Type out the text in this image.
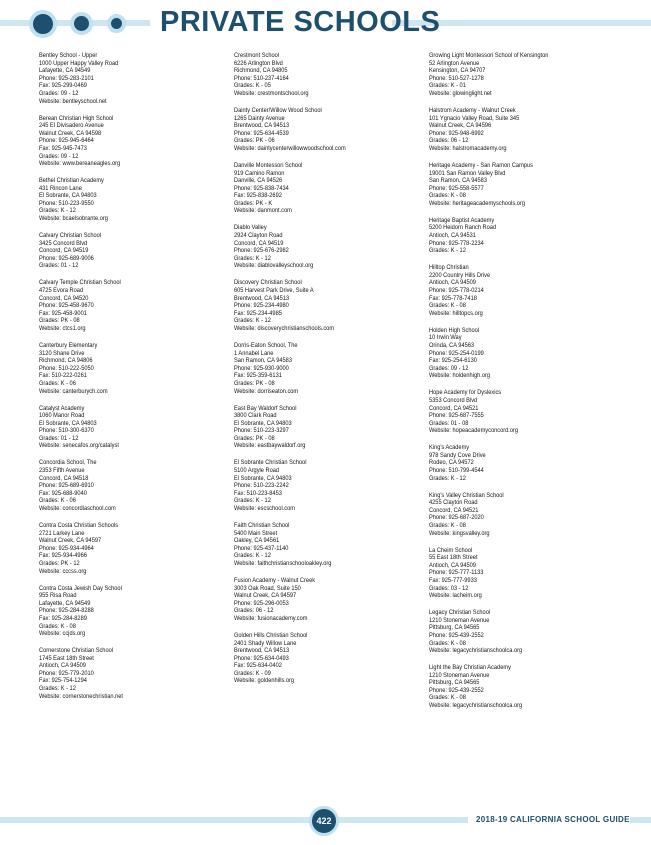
PRIVATE SCHOOLS
Bentley School - Upper
1000 Upper Happy Valley Road
Lafayette, CA 94549
Phone: 925-283-2101
Fax: 925-299-0469
Grades: 09 - 12
Website: bentleyschool.net
Berean Christian High School
245 El Divisadero Avenue
Walnut Creek, CA 94598
Phone: 925-945-6464
Fax: 925-945-7473
Grades: 09 - 12
Website: www.bereaneagles.org
Bethel Christian Academy
431 Rincon Lane
El Sobrante, CA 94803
Phone: 510-223-9550
Grades: K - 12
Website: bcaelsobrante.org
Calvary Christian School
3425 Concord Blvd
Concord, CA 94519
Phone: 925-689-9006
Grades: 01 - 12
Calvary Temple Christian School
4725 Evora Road
Concord, CA 94520
Phone: 925-458-9670
Fax: 925-458-9001
Grades: PK - 08
Website: ctcs1.org
Canterbury Elementary
3120 Shane Drive
Richmond, CA 94806
Phone: 510-222-5050
Fax: 510-222-0261
Grades: K - 06
Website: canterburych.com
Catalyst Academy
1060 Manor Road
El Sobrante, CA 94803
Phone: 510-300-6370
Grades: 01 - 12
Website: senecafos.org/catalyst
Concordia School, The
2353 Fifth Avenue
Concord, CA 94518
Phone: 925-689-6910
Fax: 925-688-9040
Grades: K - 06
Website: concordiaschool.com
Contra Costa Christian Schools
2721 Larkey Lane
Walnut Creek, CA 94597
Phone: 925-934-4964
Fax: 925-934-4966
Grades: PK - 12
Website: cccss.org
Contra Costa Jewish Day School
955 Risa Road
Lafayette, CA 94549
Phone: 925-284-8288
Fax: 925-284-8289
Grades: K - 08
Website: ccjds.org
Cornerstone Christian School
1745 East 18th Street
Antioch, CA 94509
Phone: 925-779-2010
Fax: 925-754-1294
Grades: K - 12
Website: cornerstonechristian.net
Crestmont School
6226 Arlington Blvd
Richmond, CA 94805
Phone: 510-237-4164
Grades: K - 05
Website: crestmontschool.org
Dainty Center/Willow Wood School
1265 Dainty Avenue
Brentwood, CA 94513
Phone: 925-634-4539
Grades: PK - 06
Website: daintycenterwillowwoodschool.com
Danville Montessori School
919 Camino Ramon
Danville, CA 94526
Phone: 925-838-7434
Fax: 925-838-2692
Grades: PK - K
Website: danmont.com
Diablo Valley
2924 Clayton Road
Concord, CA 94519
Phone: 925-676-2982
Grades: K - 12
Website: diablovalleyschool.org
Discovery Christian School
605 Harvest Park Drive, Suite A
Brentwood, CA 94513
Phone: 925-234-4980
Fax: 925-234-4985
Grades: K - 12
Website: discoverychristianschools.com
Dorris-Eaton School, The
1 Annabel Lane
San Ramon, CA 94583
Phone: 925-930-9000
Fax: 925-359-6131
Grades: PK - 08
Website: dorriseaton.com
East Bay Waldorf School
3800 Clark Road
El Sobrante, CA 94803
Phone: 510-223-3297
Grades: PK - 08
Website: eastbaywaldorf.org
El Sobrante Christian School
5100 Argyle Road
El Sobrante, CA 94803
Phone: 510-223-2242
Fax: 510-223-8453
Grades: K - 12
Website: escschool.com
Faith Christian School
5400 Main Street
Oakley, CA 94561
Phone: 925-437-1140
Grades: K - 12
Website: faithchristianschooloakley.org
Fusion Academy - Walnut Creek
3003 Oak Road, Suite 150
Walnut Creek, CA 94597
Phone: 925-296-0053
Grades: 06 - 12
Website: fusionacademy.com
Golden Hills Christian School
2401 Shady Willow Lane
Brentwood, CA 94513
Phone: 925-634-0493
Fax: 925-634-0402
Grades: K - 09
Website: goldenhills.org
Growing Light Montessori School of Kensington
52 Arlington Avenue
Kensington, CA 94707
Phone: 510-527-1278
Grades: K - 01
Website: glowinglight.net
Halstrom Academy - Walnut Creek
101 Ygnacio Valley Road, Suite 345
Walnut Creek, CA 94596
Phone: 925-948-6992
Grades: 06 - 12
Website: halstromacademy.org
Heritage Academy - San Ramon Campus
19001 San Ramon Valley Blvd
San Ramon, CA 94583
Phone: 925-558-5577
Grades: K - 08
Website: heritageacademyschools.org
Heritage Baptist Academy
5200 Heidorn Ranch Road
Antioch, CA 94531
Phone: 925-778-2234
Grades: K - 12
Hilltop Christian
2200 Country Hills Drive
Antioch, CA 94509
Phone: 925-778-0214
Fax: 925-778-7418
Grades: K - 08
Website: hilltopcs.org
Holden High School
10 Irwin Way
Orinda, CA 94563
Phone: 925-254-0199
Fax: 925-254-6130
Grades: 09 - 12
Website: holdenhigh.org
Hope Academy for Dyslexics
5353 Concord Blvd
Concord, CA 94521
Phone: 925-687-7555
Grades: 01 - 08
Website: hopeacademyconcord.org
King's Academy
978 Sandy Cove Drive
Rodeo, CA 94572
Phone: 510-799-4544
Grades: K - 12
King's Valley Christian School
4255 Clayton Road
Concord, CA 94521
Phone: 925-687-2020
Grades: K - 08
Website: kingsvalley.org
La Cheim School
55 East 18th Street
Antioch, CA 94509
Phone: 925-777-1133
Fax: 925-777-9933
Grades: 03 - 12
Website: lacheim.org
Legacy Christian School
1210 Stoneman Avenue
Pittsburg, CA 94565
Phone: 925-439-2552
Grades: K - 08
Website: legacychristianschoolca.org
Light the Bay Christian Academy
1210 Stoneman Avenue
Pittsburg, CA 94565
Phone: 925-439-2552
Grades: K - 08
Website: legacychristianschoolca.org
422	2018-19 CALIFORNIA SCHOOL GUIDE
